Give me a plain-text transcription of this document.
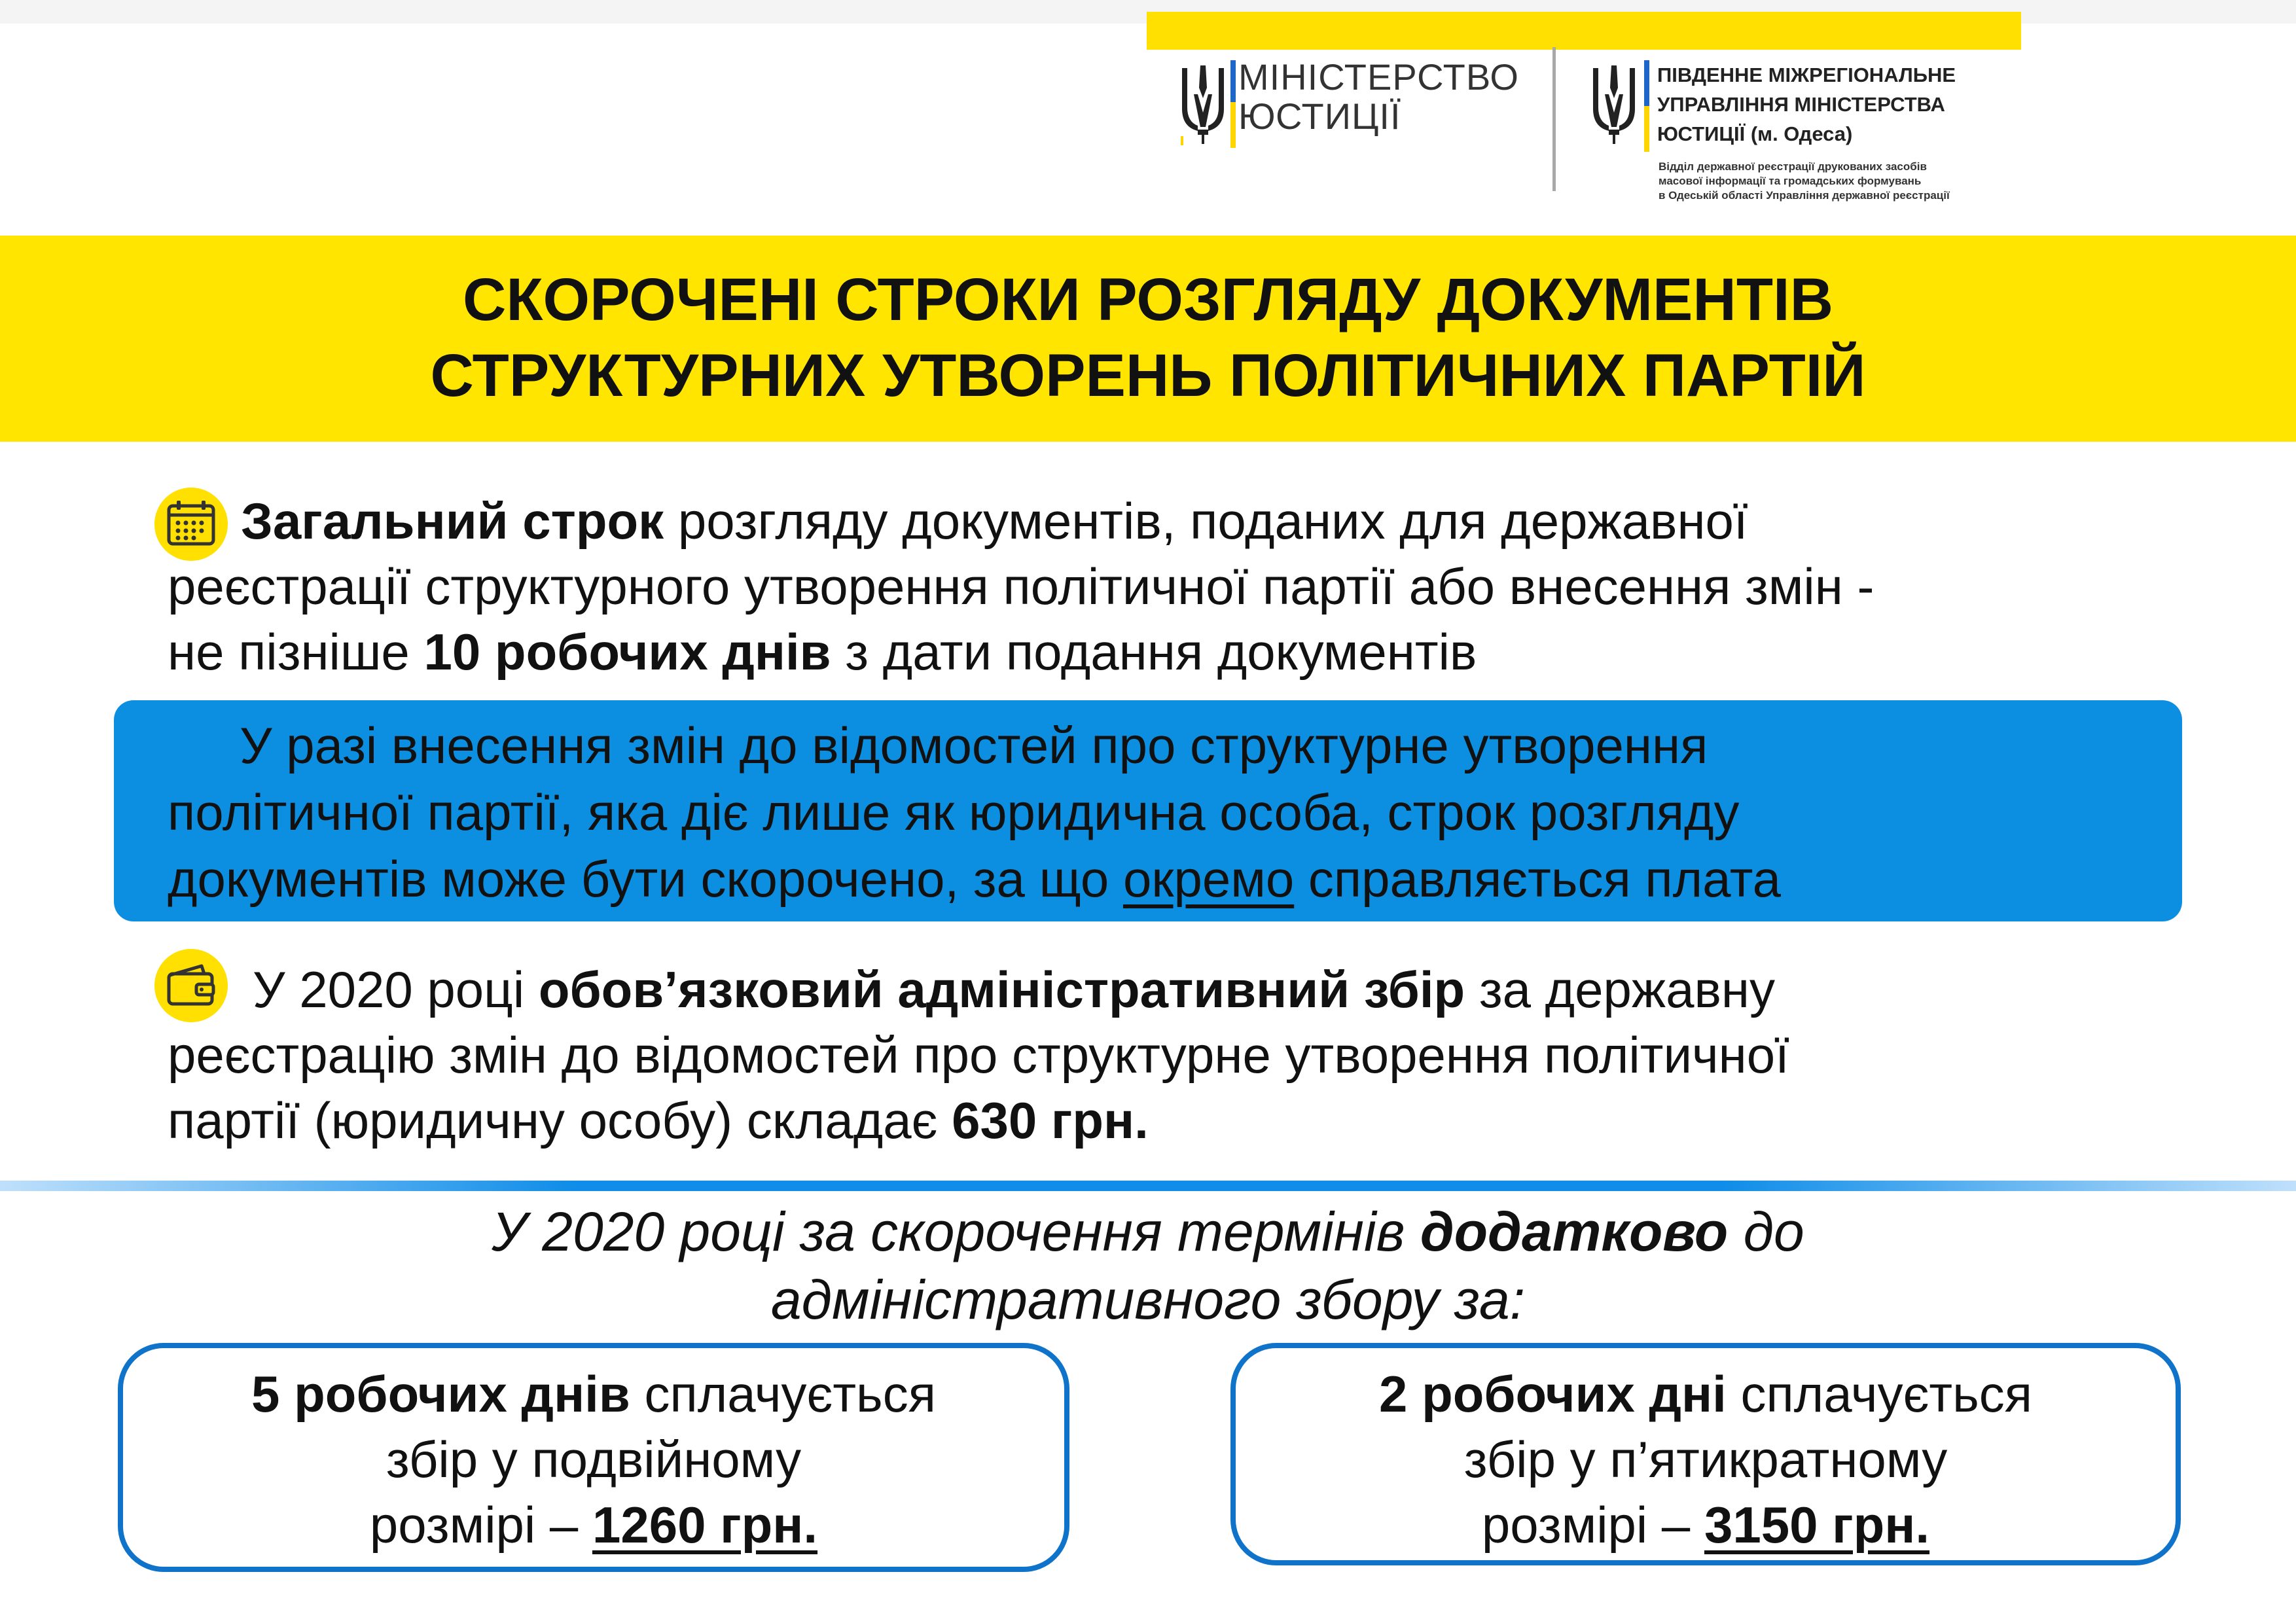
МІНІСТЕРСТВО
ЮСТИЦІЇ
ПІВДЕННЕ МІЖРЕГІОНАЛЬНЕ
УПРАВЛІННЯ МІНІСТЕРСТВА
ЮСТИЦІЇ (м. Одеса)
Відділ державної реєстрації друкованих засобів
масової інформації та громадських формувань
в Одеській області Управління державної реєстрації
СКОРОЧЕНІ СТРОКИ РОЗГЛЯДУ ДОКУМЕНТІВ
СТРУКТУРНИХ УТВОРЕНЬ ПОЛІТИЧНИХ ПАРТІЙ
Загальний строк розгляду документів, поданих для державної
реєстрації структурного утворення політичної партії або внесення змін -
не пізніше 10 робочих днів з дати подання документів
У разі внесення змін до відомостей про структурне утворення
політичної партії, яка діє лише як юридична особа, строк розгляду
документів може бути скорочено, за що окремо справляється плата
У 2020 році обов’язковий адміністративний збір за державну
реєстрацію змін до відомостей про структурне утворення політичної
партії (юридичну особу) складає 630 грн.
У 2020 році за скорочення термінів додатково до
адміністративного збору за:
5 робочих днів сплачується
збір у подвійному
розмірі – 1260 грн.
2 робочих дні сплачується
збір у п’ятикратному
розмірі – 3150 грн.
